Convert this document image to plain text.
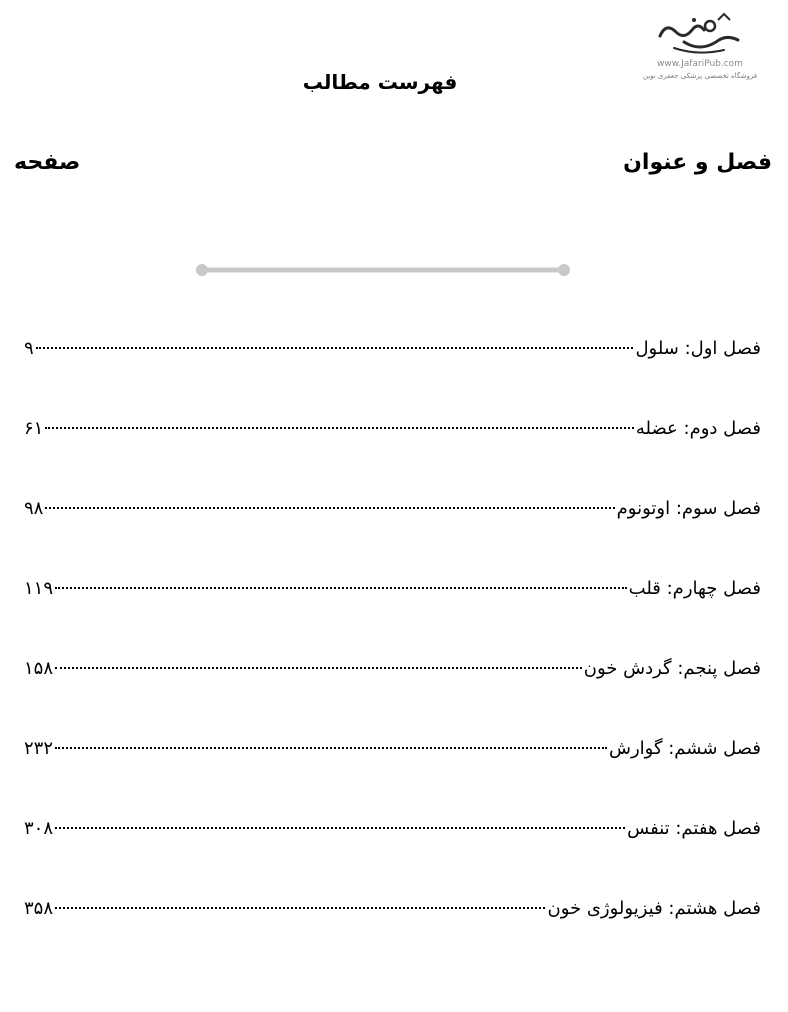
www.JafariPub.com
فروشگاه تخصصی پزشکی جعفری نوین
فهرست مطالب
فصل و عنوان
صفحه
فصل اول: سلول
۹
فصل دوم: عضله
۶۱
فصل سوم: اوتونوم
۹۸
فصل چهارم: قلب
۱۱۹
فصل پنجم: گردش خون
۱۵۸
فصل ششم: گوارش
۲۳۲
فصل هفتم: تنفس
۳۰۸
فصل هشتم: فیزیولوژی خون
۳۵۸
